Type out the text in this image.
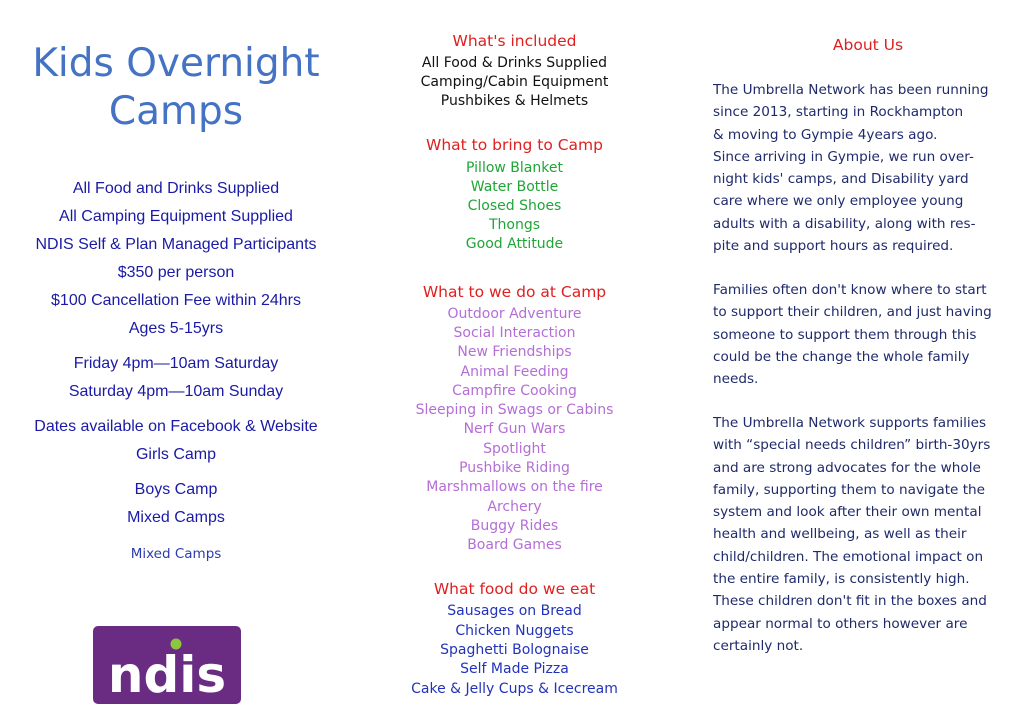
Kids Overnight
Camps
All Food and Drinks Supplied
All Camping Equipment Supplied
NDIS Self & Plan Managed Participants
$350 per person
$100 Cancellation Fee within 24hrs
Ages 5-15yrs
Friday 4pm—10am Saturday
Saturday 4pm—10am Sunday
Dates available on Facebook & Website
Girls Camp
Boys Camp
Mixed Camps
Mixed Camps
ndis
What's included
All Food & Drinks Supplied
Camping/Cabin Equipment
Pushbikes & Helmets
What to bring to Camp
Pillow Blanket
Water Bottle
Closed Shoes
Thongs
Good Attitude
What to we do at Camp
Outdoor Adventure
Social Interaction
New Friendships
Animal Feeding
Campfire Cooking
Sleeping in Swags or Cabins
Nerf Gun Wars
Spotlight
Pushbike Riding
Marshmallows on the fire
Archery
Buggy Rides
Board Games
What food do we eat
Sausages on Bread
Chicken Nuggets
Spaghetti Bolognaise
Self Made Pizza
Cake & Jelly Cups & Icecream
About Us

The Umbrella Network has been running
since 2013, starting in Rockhampton
& moving to Gympie 4years ago.
Since arriving in Gympie, we run over-
night kids' camps, and Disability yard
care where we only employee young
adults with a disability, along with res-
pite and support hours as required.

Families often don't know where to start
to support their children, and just having
someone to support them through this
could be the change the whole family
needs.

The Umbrella Network supports families
with “special needs children” birth-30yrs
and are strong advocates for the whole
family, supporting them to navigate the
system and look after their own mental
health and wellbeing, as well as their
child/children. The emotional impact on
the entire family, is consistently high.
These children don't fit in the boxes and
appear normal to others however are
certainly not.
